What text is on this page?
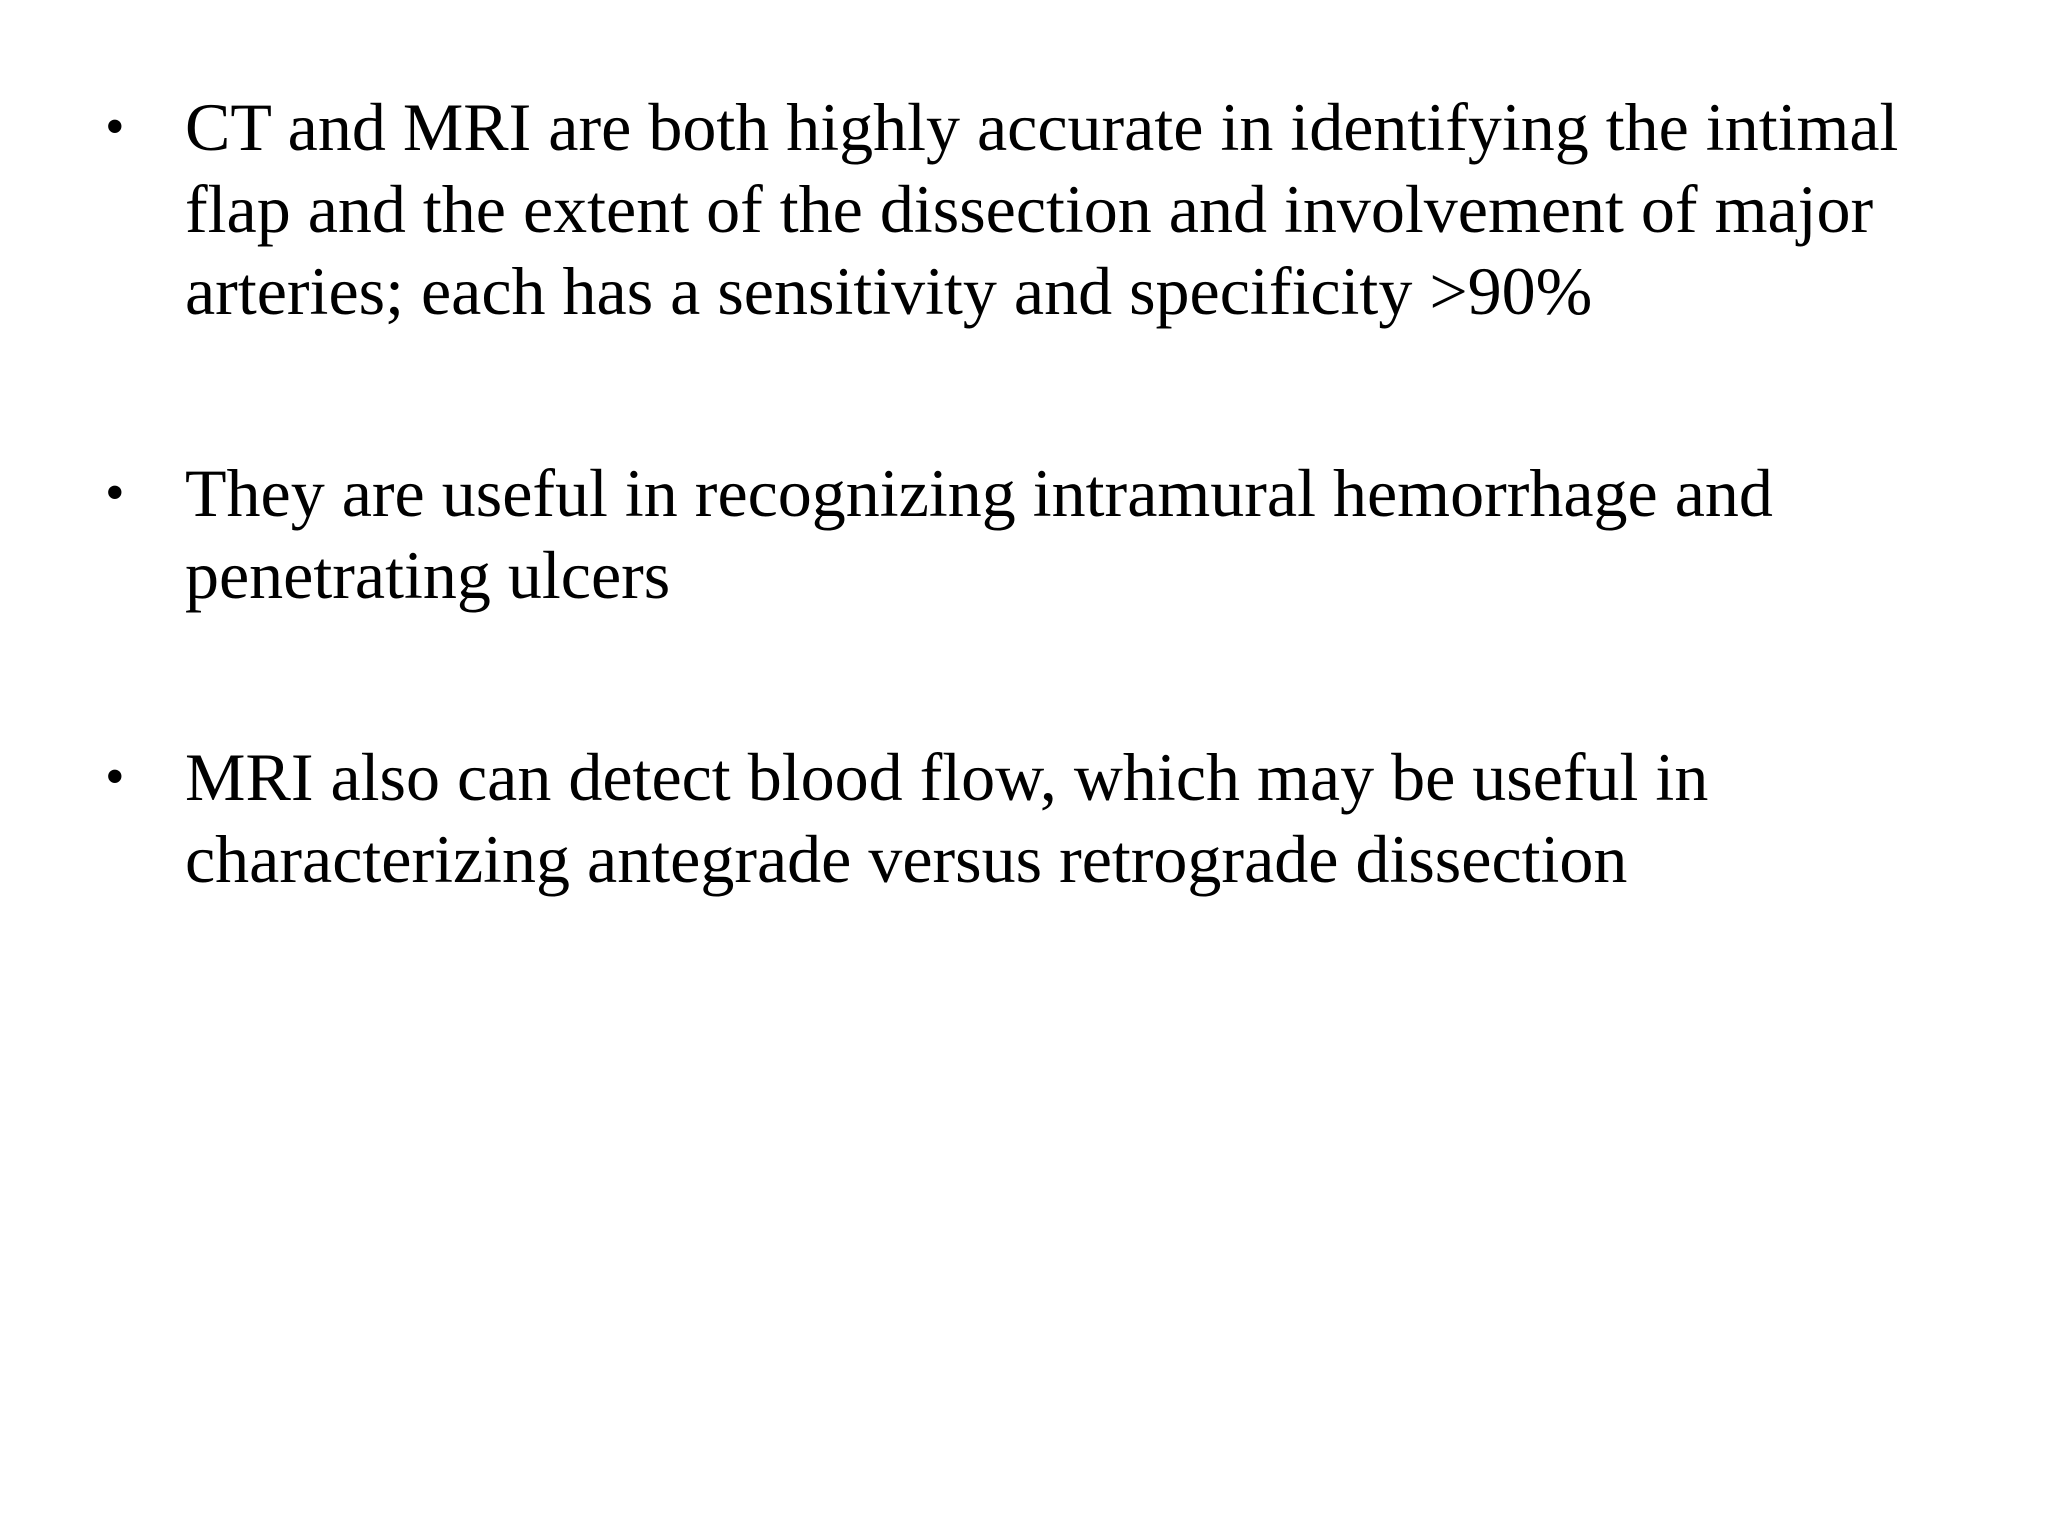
• CT and MRI are both highly accurate in identifying the intimal flap and the extent of the dissection and involvement of major arteries; each has a sensitivity and specificity >90%
• They are useful in recognizing intramural hemorrhage and penetrating ulcers
• MRI also can detect blood flow, which may be useful in characterizing antegrade versus retrograde dissection
